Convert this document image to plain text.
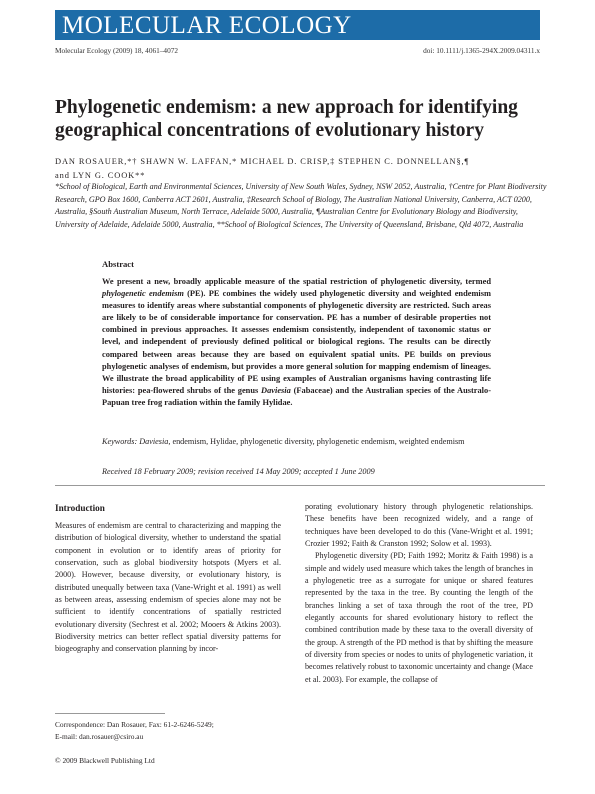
MOLECULAR ECOLOGY
Molecular Ecology (2009) 18, 4061–4072	doi: 10.1111/j.1365-294X.2009.04311.x
Phylogenetic endemism: a new approach for identifying geographical concentrations of evolutionary history
DAN ROSAUER,*† SHAWN W. LAFFAN,* MICHAEL D. CRISP,‡ STEPHEN C. DONNELLAN§,¶
and LYN G. COOK**
*School of Biological, Earth and Environmental Sciences, University of New South Wales, Sydney, NSW 2052, Australia, †Centre for Plant Biodiversity Research, GPO Box 1600, Canberra ACT 2601, Australia, ‡Research School of Biology, The Australian National University, Canberra, ACT 0200, Australia, §South Australian Museum, North Terrace, Adelaide 5000, Australia, ¶Australian Centre for Evolutionary Biology and Biodiversity, University of Adelaide, Adelaide 5000, Australia, **School of Biological Sciences, The University of Queensland, Brisbane, Qld 4072, Australia
Abstract
We present a new, broadly applicable measure of the spatial restriction of phylogenetic diversity, termed phylogenetic endemism (PE). PE combines the widely used phylogenetic diversity and weighted endemism measures to identify areas where substantial components of phylogenetic diversity are restricted. Such areas are likely to be of considerable importance for conservation. PE has a number of desirable properties not combined in previous approaches. It assesses endemism consistently, independent of taxonomic status or level, and independent of previously defined political or biological regions. The results can be directly compared between areas because they are based on equivalent spatial units. PE builds on previous phylogenetic analyses of endemism, but provides a more general solution for mapping endemism of lineages. We illustrate the broad applicability of PE using examples of Australian organisms having contrasting life histories: pea-flowered shrubs of the genus Daviesia (Fabaceae) and the Australian species of the Australo-Papuan tree frog radiation within the family Hylidae.
Keywords: Daviesia, endemism, Hylidae, phylogenetic diversity, phylogenetic endemism, weighted endemism
Received 18 February 2009; revision received 14 May 2009; accepted 1 June 2009
Introduction

Measures of endemism are central to characterizing and mapping the distribution of biological diversity, whether to understand the spatial component in evolution or to identify areas of priority for conservation, such as global biodiversity hotspots (Myers et al. 2000). However, because diversity, or evolutionary history, is distributed unequally between taxa (Vane-Wright et al. 1991) as well as between areas, assessing endemism of species alone may not be sufficient to identify concentrations of spatially restricted evolutionary diversity (Sechrest et al. 2002; Mooers & Atkins 2003). Biodiversity metrics can better reflect spatial diversity patterns for biogeography and conservation planning by incor-

porating evolutionary history through phylogenetic relationships. These benefits have been recognized widely, and a range of techniques have been developed to do this (Vane-Wright et al. 1991; Crozier 1992; Faith & Cranston 1992; Solow et al. 1993).

Phylogenetic diversity (PD; Faith 1992; Moritz & Faith 1998) is a simple and widely used measure which takes the length of branches in a phylogenetic tree as a surrogate for unique or shared features represented by the taxa in the tree. By counting the length of the branches linking a set of taxa through the root of the tree, PD elegantly accounts for shared evolutionary history to reflect the combined contribution made by these taxa to the overall diversity of the group. A strength of the PD method is that by shifting the measure of diversity from species or nodes to units of phylogenetic variation, it becomes relatively robust to taxonomic uncertainty and change (Mace et al. 2003). For example, the collapse of

Correspondence: Dan Rosauer, Fax: 61-2-6246-5249;
E-mail: dan.rosauer@csiro.au
© 2009 Blackwell Publishing Ltd
